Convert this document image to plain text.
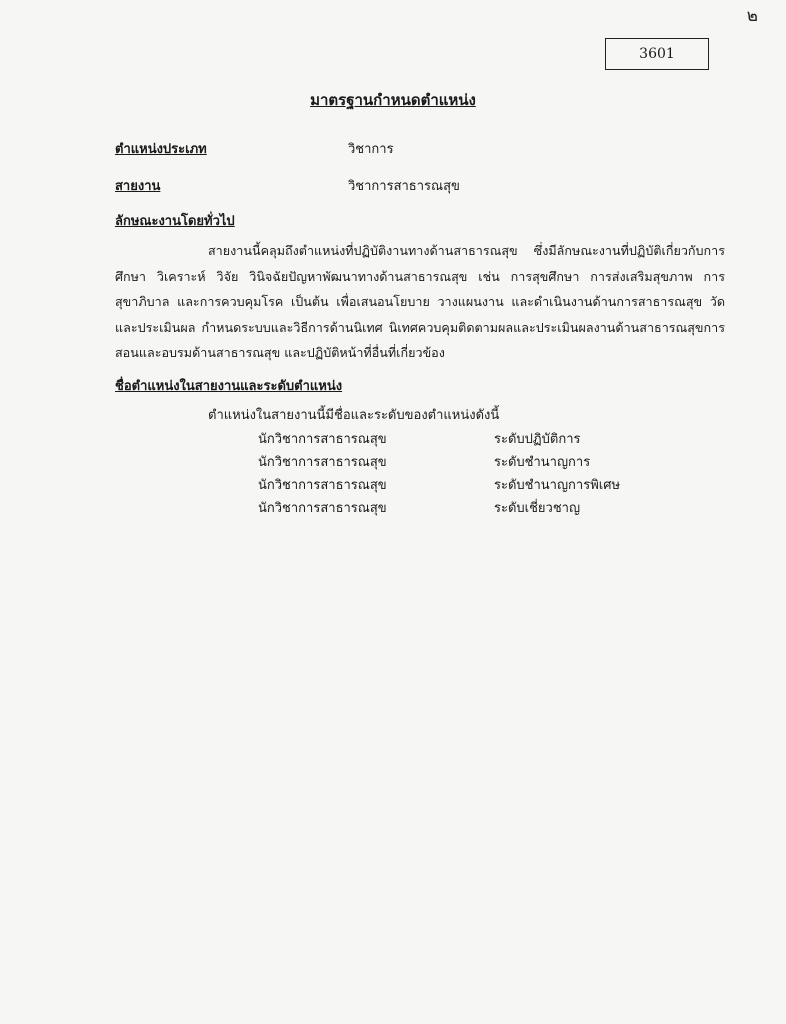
๒
3601
มาตรฐานกำหนดตำแหน่ง
ตำแหน่งประเภท	วิชาการ
สายงาน	วิชาการสาธารณสุข
ลักษณะงานโดยทั่วไป
สายงานนี้คลุมถึงตำแหน่งที่ปฏิบัติงานทางด้านสาธารณสุข ซึ่งมีลักษณะงานที่ปฏิบัติเกี่ยวกับการศึกษา วิเคราะห์ วิจัย วินิจฉัยปัญหาพัฒนาทางด้านสาธารณสุข เช่น การสุขศึกษา การส่งเสริมสุขภาพ การสุขาภิบาล และการควบคุมโรค เป็นต้น เพื่อเสนอนโยบาย วางแผนงาน และดำเนินงานด้านการสาธารณสุข วัดและประเมินผล กำหนดระบบและวิธีการด้านนิเทศ นิเทศควบคุมติดตามผลและประเมินผลงานด้านสาธารณสุขการสอนและอบรมด้านสาธารณสุข และปฏิบัติหน้าที่อื่นที่เกี่ยวข้อง
ชื่อตำแหน่งในสายงานและระดับตำแหน่ง
ตำแหน่งในสายงานนี้มีชื่อและระดับของตำแหน่งดังนี้
นักวิชาการสาธารณสุข	ระดับปฏิบัติการ
นักวิชาการสาธารณสุข	ระดับชำนาญการ
นักวิชาการสาธารณสุข	ระดับชำนาญการพิเศษ
นักวิชาการสาธารณสุข	ระดับเชี่ยวชาญ
